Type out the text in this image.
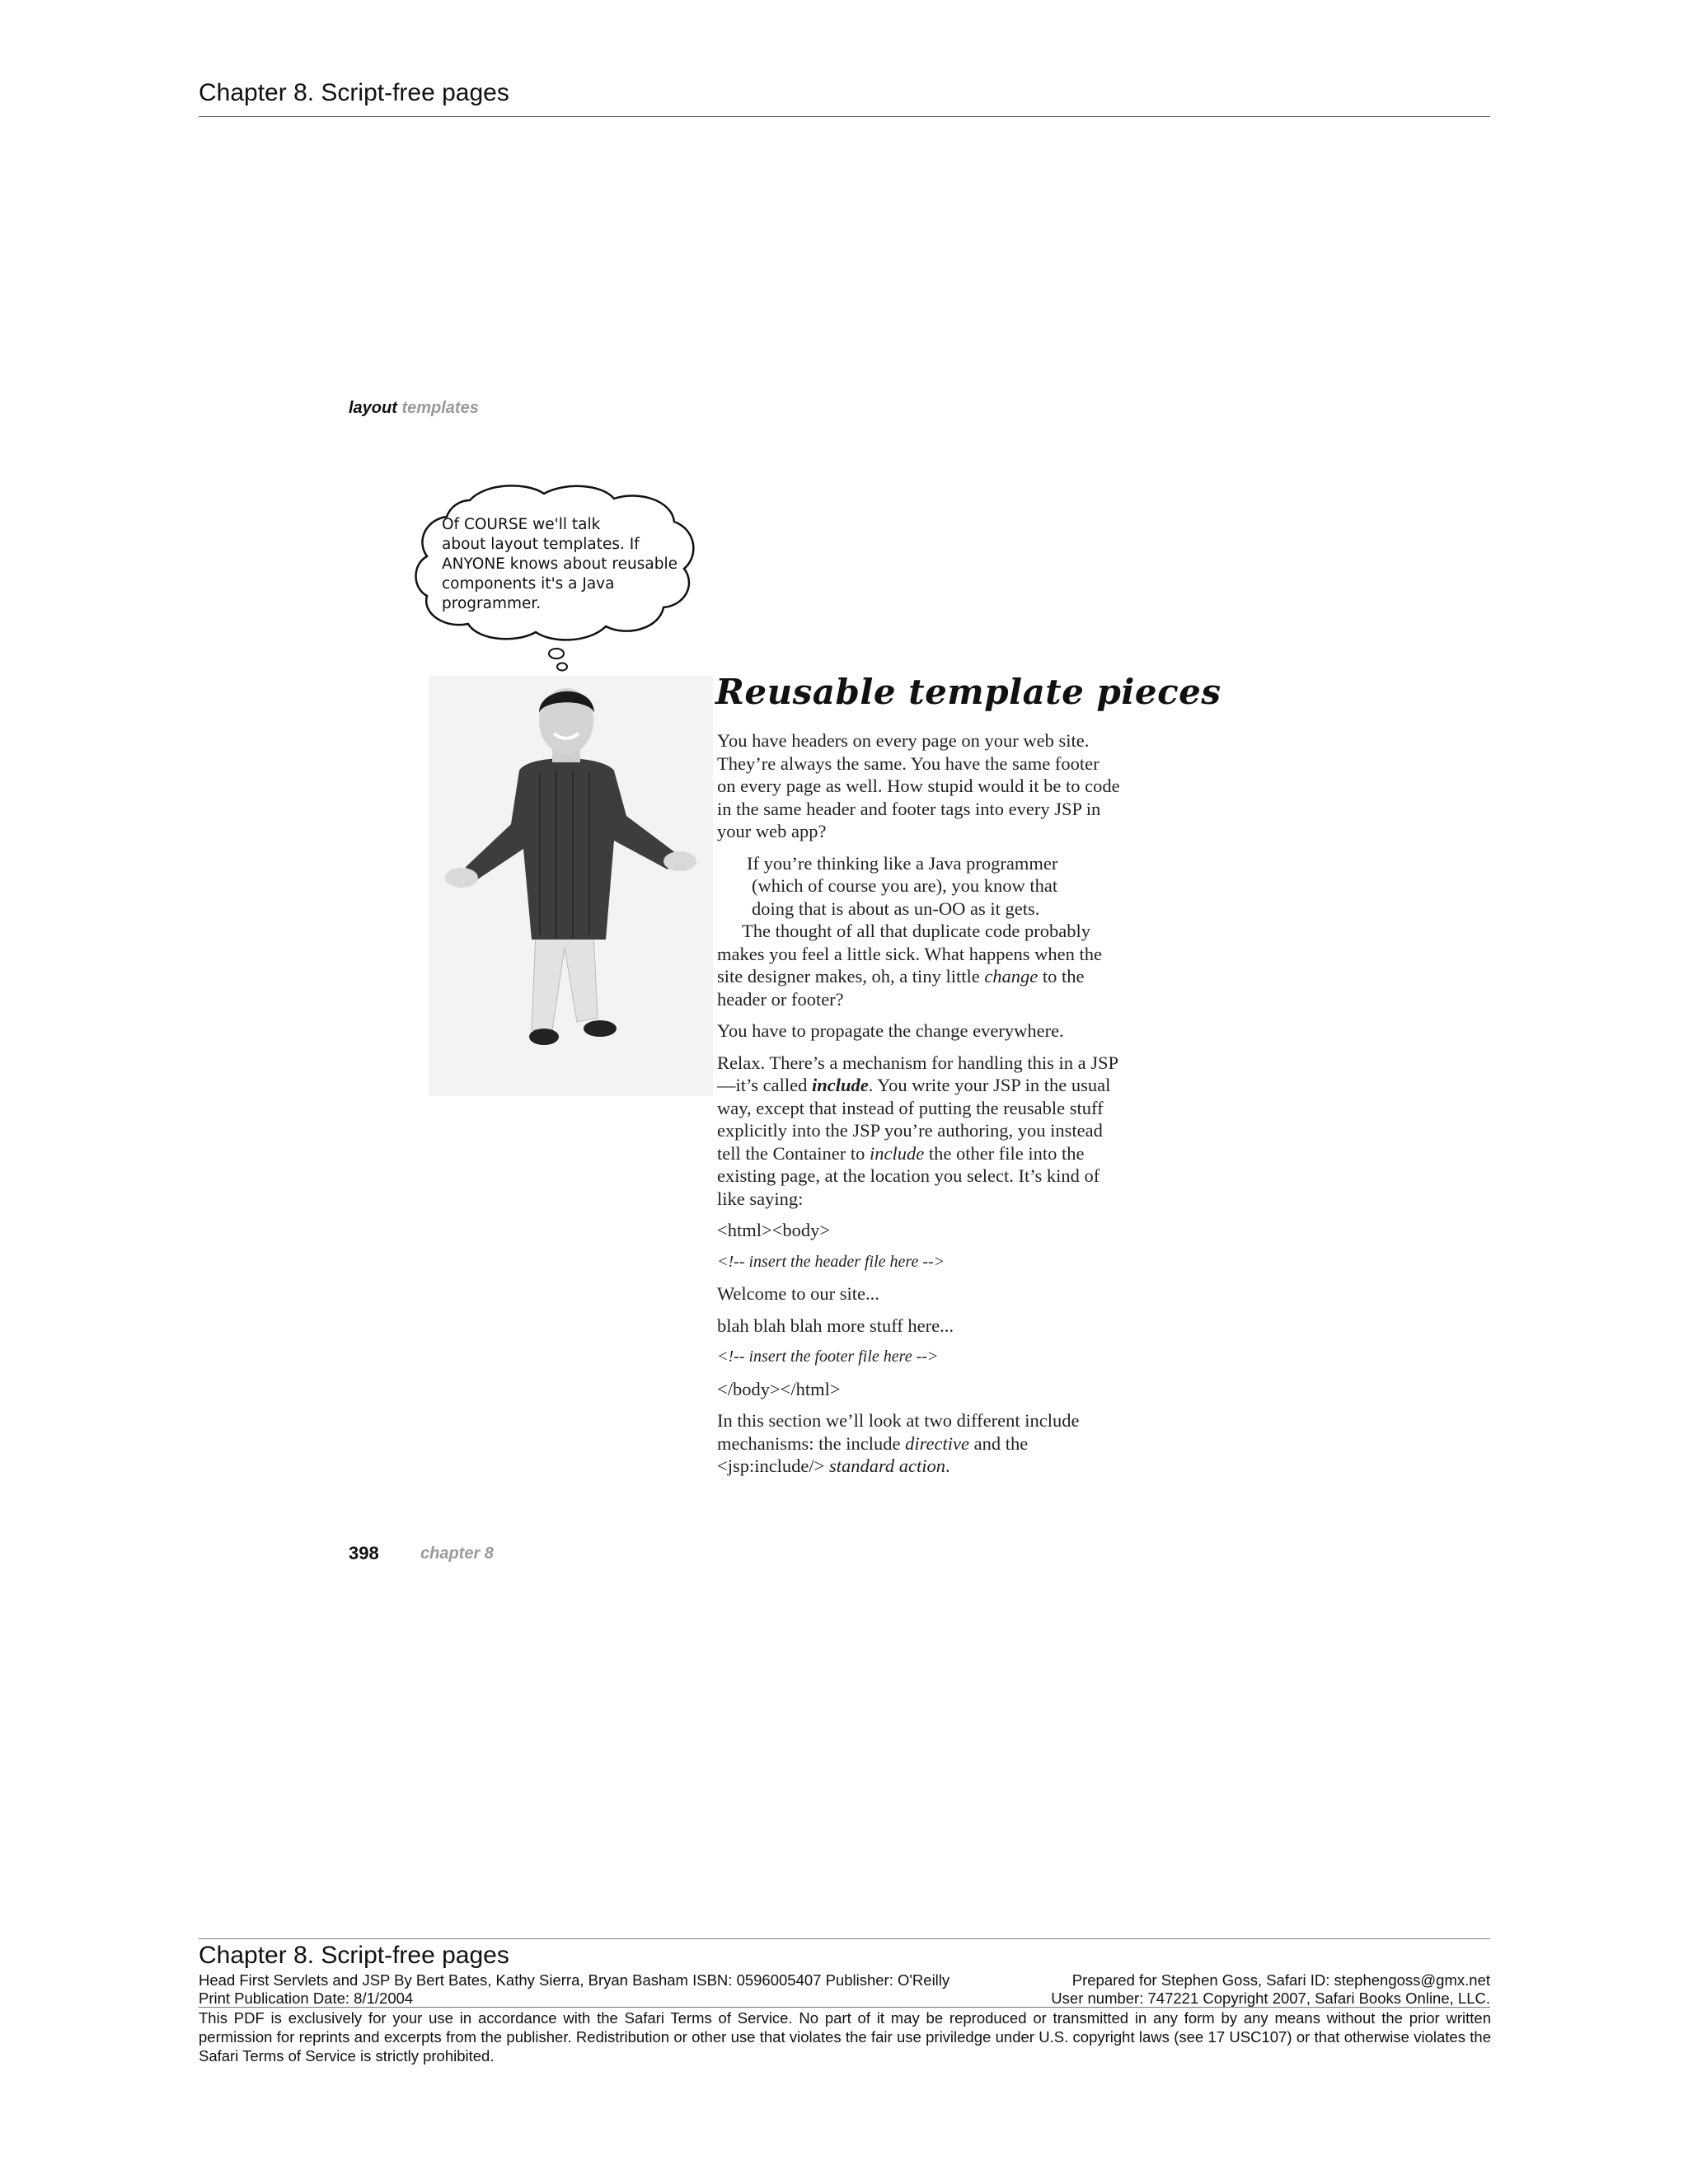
Chapter 8. Script-free pages
layout templates
Of COURSE we'll talk
about layout templates. If
ANYONE knows about reusable
components it's a Java
programmer.
Reusable template pieces

You have headers on every page on your web site. They’re always the same. You have the same footer on every page as well. How stupid would it be to code in the same header and footer tags into every JSP in your web app?

If you’re thinking like a Java programmer

(which of course you are), you know that
doing that is about as un-OO as it gets.

The thought of all that duplicate code probably makes you feel a little sick. What happens when the site designer makes, oh, a tiny little change to the header or footer?

You have to propagate the change everywhere.

Relax. There’s a mechanism for handling this in a JSP—it’s called include. You write your JSP in the usual way, except that instead of putting the reusable stuff explicitly into the JSP you’re authoring, you instead tell the Container to include the other file into the existing page, at the location you select. It’s kind of like saying:

<html><body>

<!-- insert the header file here -->

Welcome to our site...

blah blah blah more stuff here...

<!-- insert the footer file here -->

</body></html>

In this section we’ll look at two different include mechanisms: the include directive and the <jsp:include/> standard action.

398	chapter 8
Chapter 8. Script-free pages
Head First Servlets and JSP By Bert Bates, Kathy Sierra, Bryan Basham ISBN: 0596005407 Publisher: O'Reilly	Prepared for Stephen Goss, Safari ID: stephengoss@gmx.net
Print Publication Date: 8/1/2004	User number: 747221 Copyright 2007, Safari Books Online, LLC.
This PDF is exclusively for your use in accordance with the Safari Terms of Service. No part of it may be reproduced or transmitted in any form by any means without the prior written permission for reprints and excerpts from the publisher. Redistribution or other use that violates the fair use priviledge under U.S. copyright laws (see 17 USC107) or that otherwise violates the Safari Terms of Service is strictly prohibited.
